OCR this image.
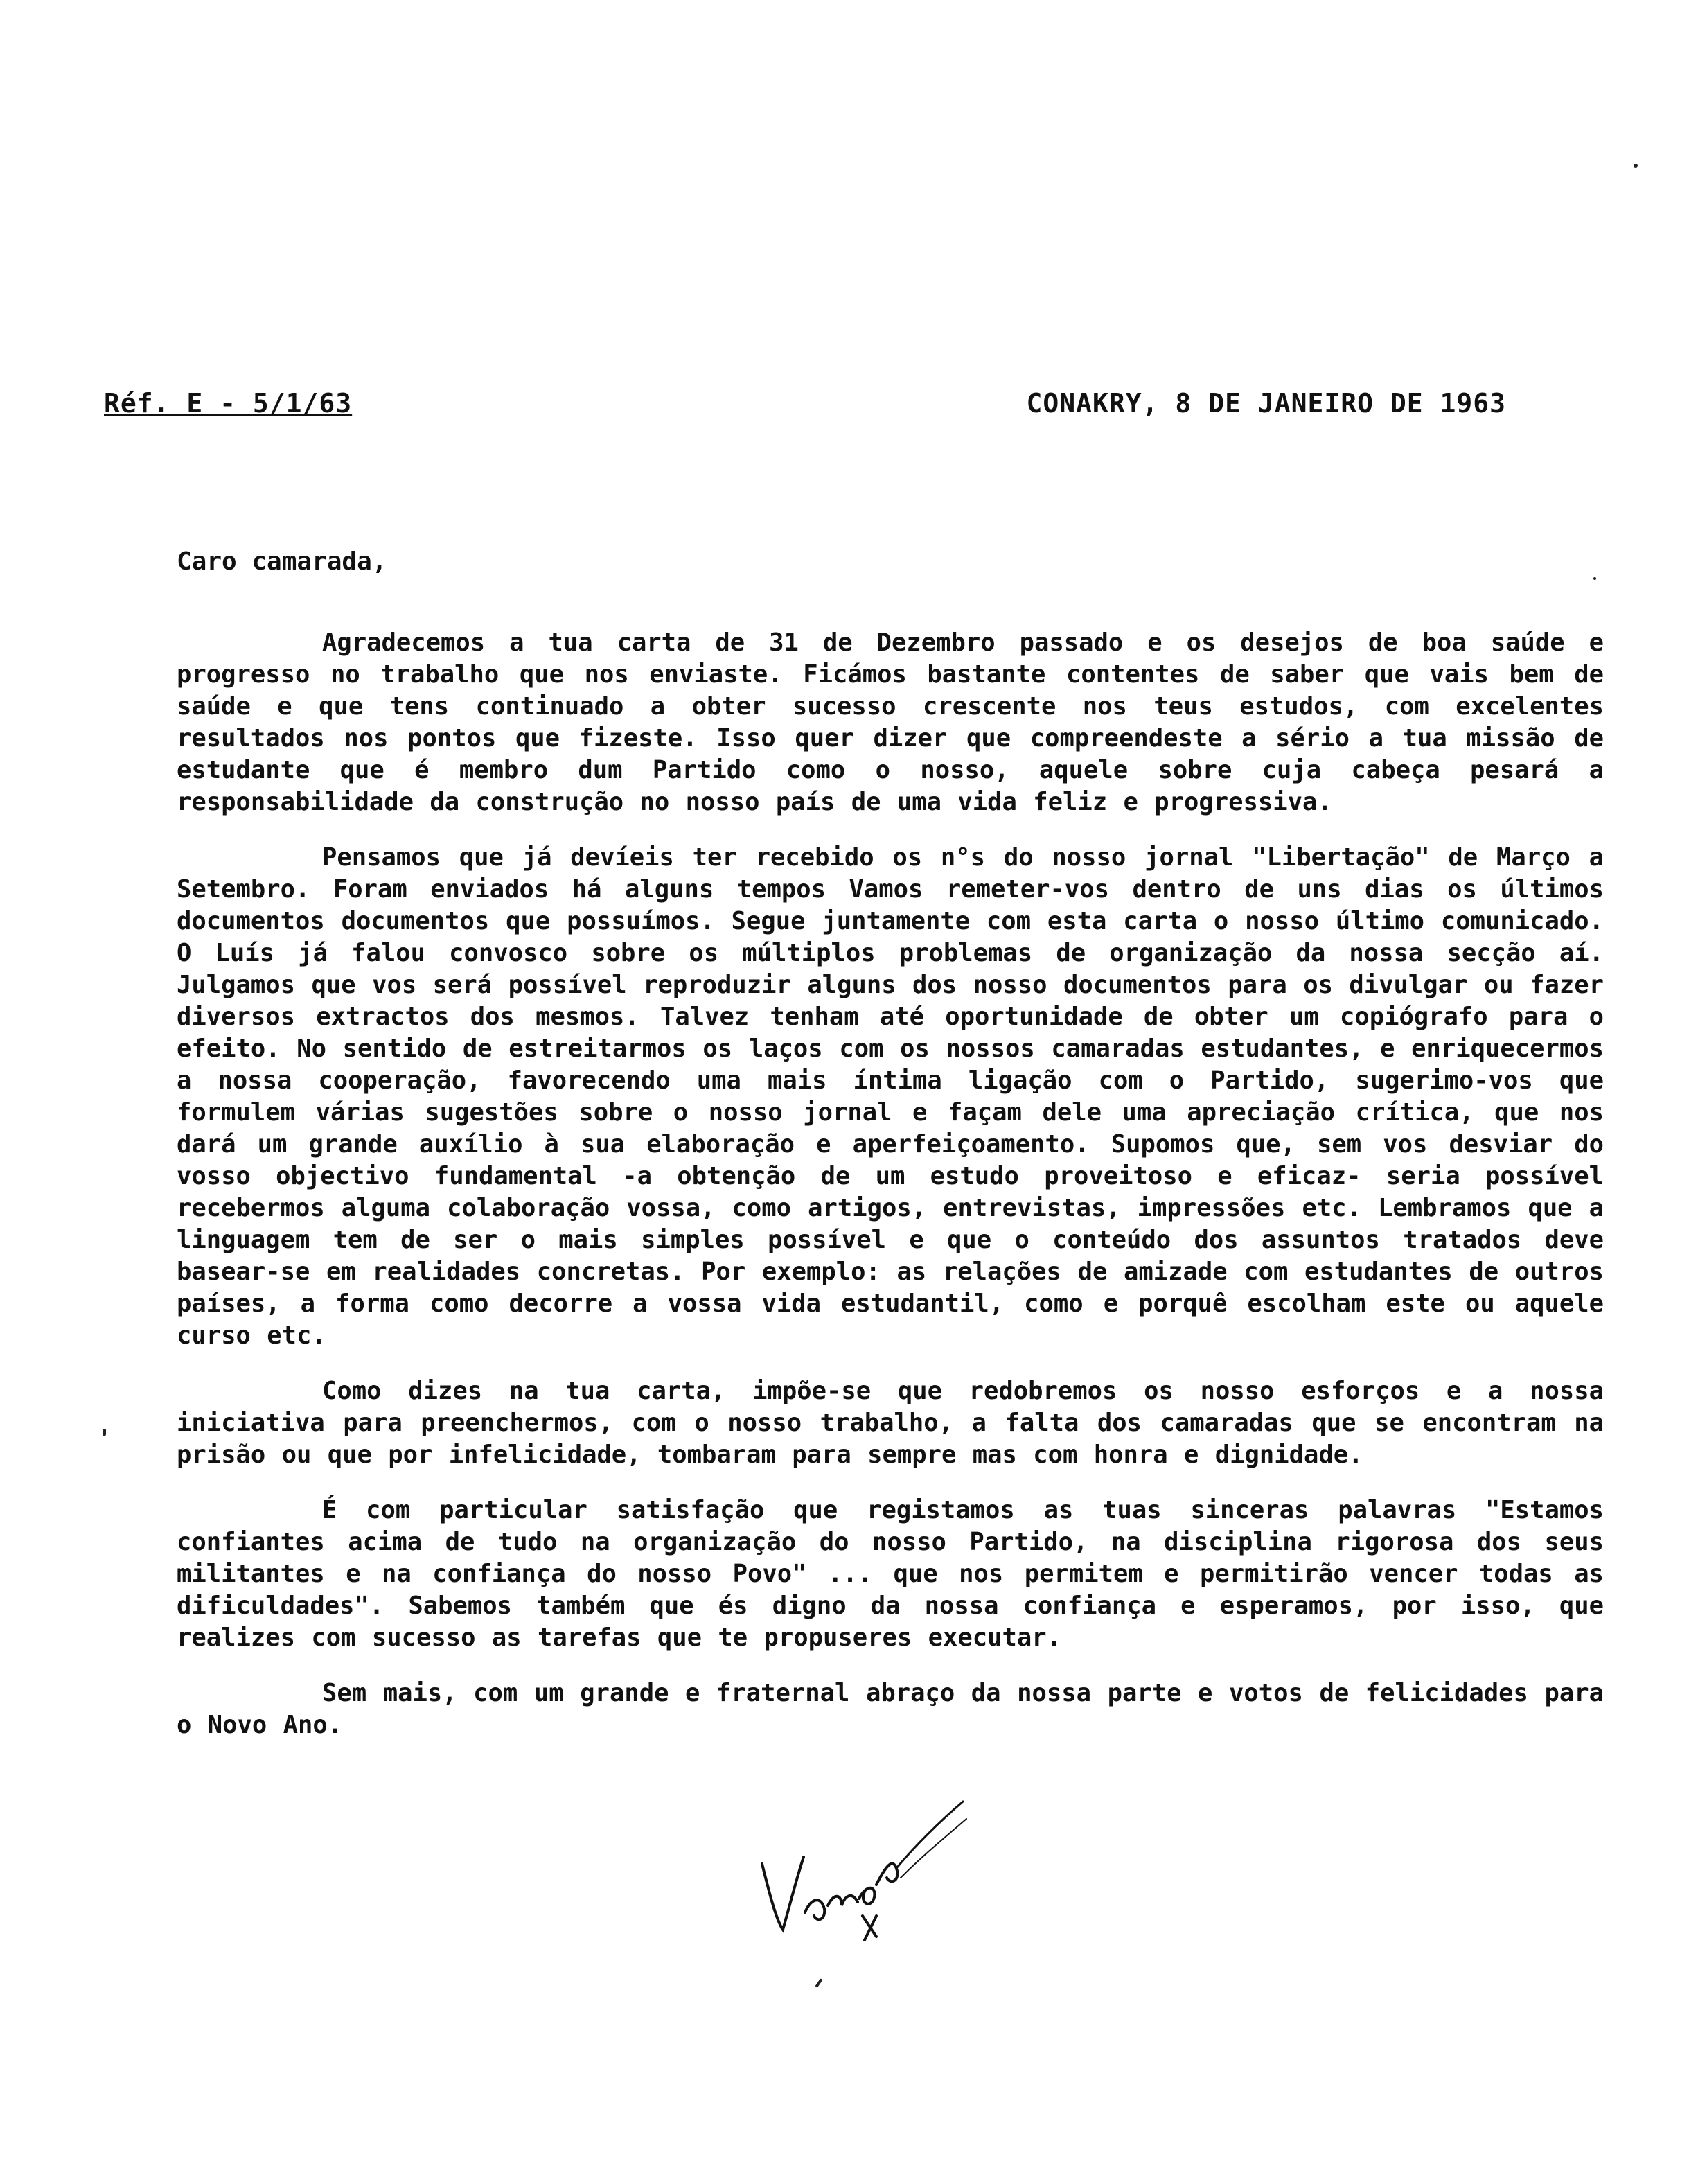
Réf. E - 5/1/63	CONAKRY, 8 DE JANEIRO DE 1963
Caro camarada,

Agradecemos a tua carta de 31 de Dezembro passado e os desejos de boa saúde e progresso no trabalho que nos enviaste. Ficámos bastante contentes de saber que vais bem de saúde e que tens continuado a obter sucesso crescente nos teus estudos, com excelentes resultados nos pontos que fizeste. Isso quer dizer que compreendeste a sério a tua missão de estudante que é membro dum Partido como o nosso, aquele sobre cuja cabeça pesará a responsabilidade da construção no nosso país de uma vida feliz e progressiva.

Pensamos que já devíeis ter recebido os n°s do nosso jornal "Libertação" de Março a Setembro. Foram enviados há alguns tempos Vamos remeter-vos dentro de uns dias os últimos documentos documentos que possuímos. Segue juntamente com esta carta o nosso último comunicado. O Luís já falou convosco sobre os múltiplos problemas de organização da nossa secção aí. Julgamos que vos será possível reproduzir alguns dos nosso documentos para os divulgar ou fazer diversos extractos dos mesmos. Talvez tenham até oportunidade de obter um copiógrafo para o efeito. No sentido de estreitarmos os laços com os nossos camaradas estudantes, e enriquecermos a nossa cooperação, favorecendo uma mais íntima ligação com o Partido, sugerimo-vos que formulem várias sugestões sobre o nosso jornal e façam dele uma apreciação crítica, que nos dará um grande auxílio à sua elaboração e aperfeiçoamento. Supomos que, sem vos desviar do vosso objectivo fundamental -a obtenção de um estudo proveitoso e eficaz- seria possível recebermos alguma colaboração vossa, como artigos, entrevistas, impressões etc. Lembramos que a linguagem tem de ser o mais simples possível e que o conteúdo dos assuntos tratados deve basear-se em realidades concretas. Por exemplo: as relações de amizade com estudantes de outros países, a forma como decorre a vossa vida estudantil, como e porquê escolham este ou aquele curso etc.

Como dizes na tua carta, impõe-se que redobremos os nosso esforços e a nossa iniciativa para preenchermos, com o nosso trabalho, a falta dos camaradas que se encontram na prisão ou que por infelicidade, tombaram para sempre mas com honra e dignidade.

É com particular satisfação que registamos as tuas sinceras palavras "Estamos confiantes acima de tudo na organização do nosso Partido, na disciplina rigorosa dos seus militantes e na confiança do nosso Povo" ... que nos permitem e permitirão vencer todas as dificuldades". Sabemos também que és digno da nossa confiança e esperamos, por isso, que realizes com sucesso as tarefas que te propuseres executar.

Sem mais, com um grande e fraternal abraço da nossa parte e votos de felicidades para o Novo Ano.
